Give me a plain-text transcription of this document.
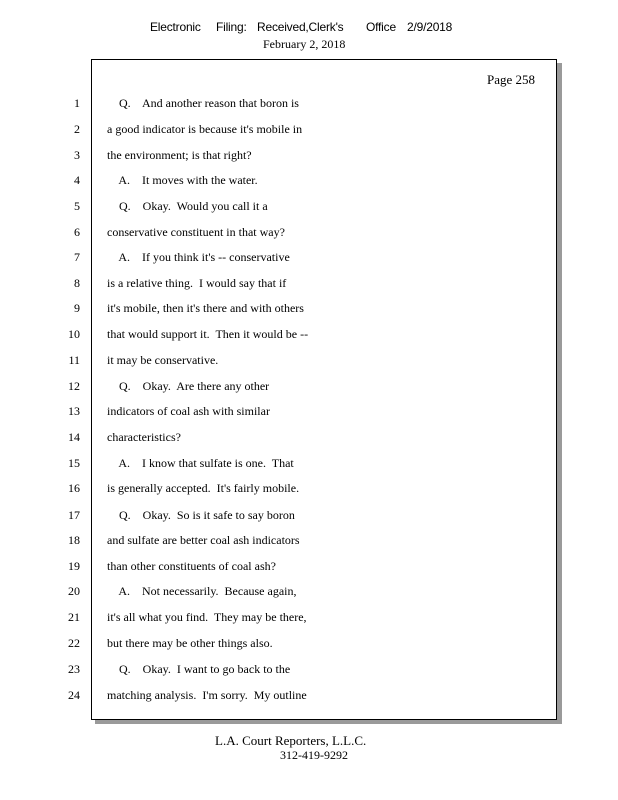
Electronic Filing: Received,Clerk's Office 2/9/2018
February 2, 2018
Page 258
1 Q.    And another reason that boron is
2 a good indicator is because it's mobile in
3 the environment; is that right?
4 A.    It moves with the water.
5 Q.    Okay.  Would you call it a
6 conservative constituent in that way?
7 A.    If you think it's -- conservative
8 is a relative thing.  I would say that if
9 it's mobile, then it's there and with others
10 that would support it.  Then it would be --
11 it may be conservative.
12 Q.    Okay.  Are there any other
13 indicators of coal ash with similar
14 characteristics?
15 A.    I know that sulfate is one.  That
16 is generally accepted.  It's fairly mobile.
17 Q.    Okay.  So is it safe to say boron
18 and sulfate are better coal ash indicators
19 than other constituents of coal ash?
20 A.    Not necessarily.  Because again,
21 it's all what you find.  They may be there,
22 but there may be other things also.
23 Q.    Okay.  I want to go back to the
24 matching analysis.  I'm sorry.  My outline
L.A. Court Reporters, L.L.C.
312-419-9292
